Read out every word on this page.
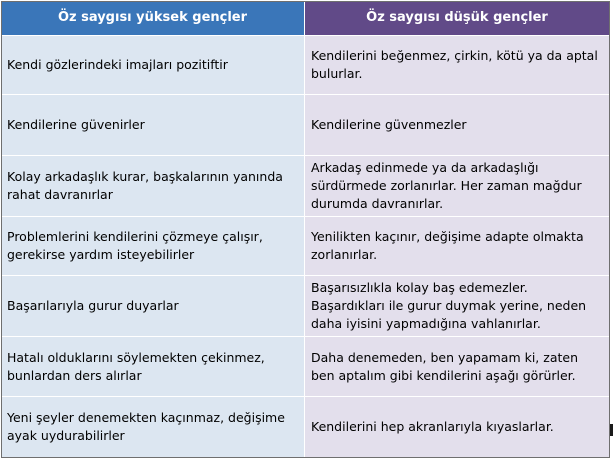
Öz saygısı yüksek gençler	Öz saygısı düşük gençler
Kendi gözlerindeki imajları pozitiftir
Kendilerini beğenmez, çirkin, kötü ya da aptal bulurlar.
Kendilerine güvenirler	Kendilerine güvenmezler
Kolay arkadaşlık kurar, başkalarının yanında rahat davranırlar
Arkadaş edinmede ya da arkadaşlığı sürdürmede zorlanırlar. Her zaman mağdur durumda davranırlar.
Problemlerini kendilerini çözmeye çalışır, gerekirse yardım isteyebilirler
Yenilikten kaçınır, değişime adapte olmakta zorlanırlar.
Başarılarıyla gurur duyarlar
Başarısızlıkla kolay baş edemezler. Başardıkları ile gurur duymak yerine, neden daha iyisini yapmadığına vahlanırlar.
Hatalı olduklarını söylemekten çekinmez, bunlardan ders alırlar
Daha denemeden, ben yapamam ki, zaten ben aptalım gibi kendilerini aşağı görürler.
Yeni şeyler denemekten kaçınmaz, değişime ayak uydurabilirler
Kendilerini hep akranlarıyla kıyaslarlar.
